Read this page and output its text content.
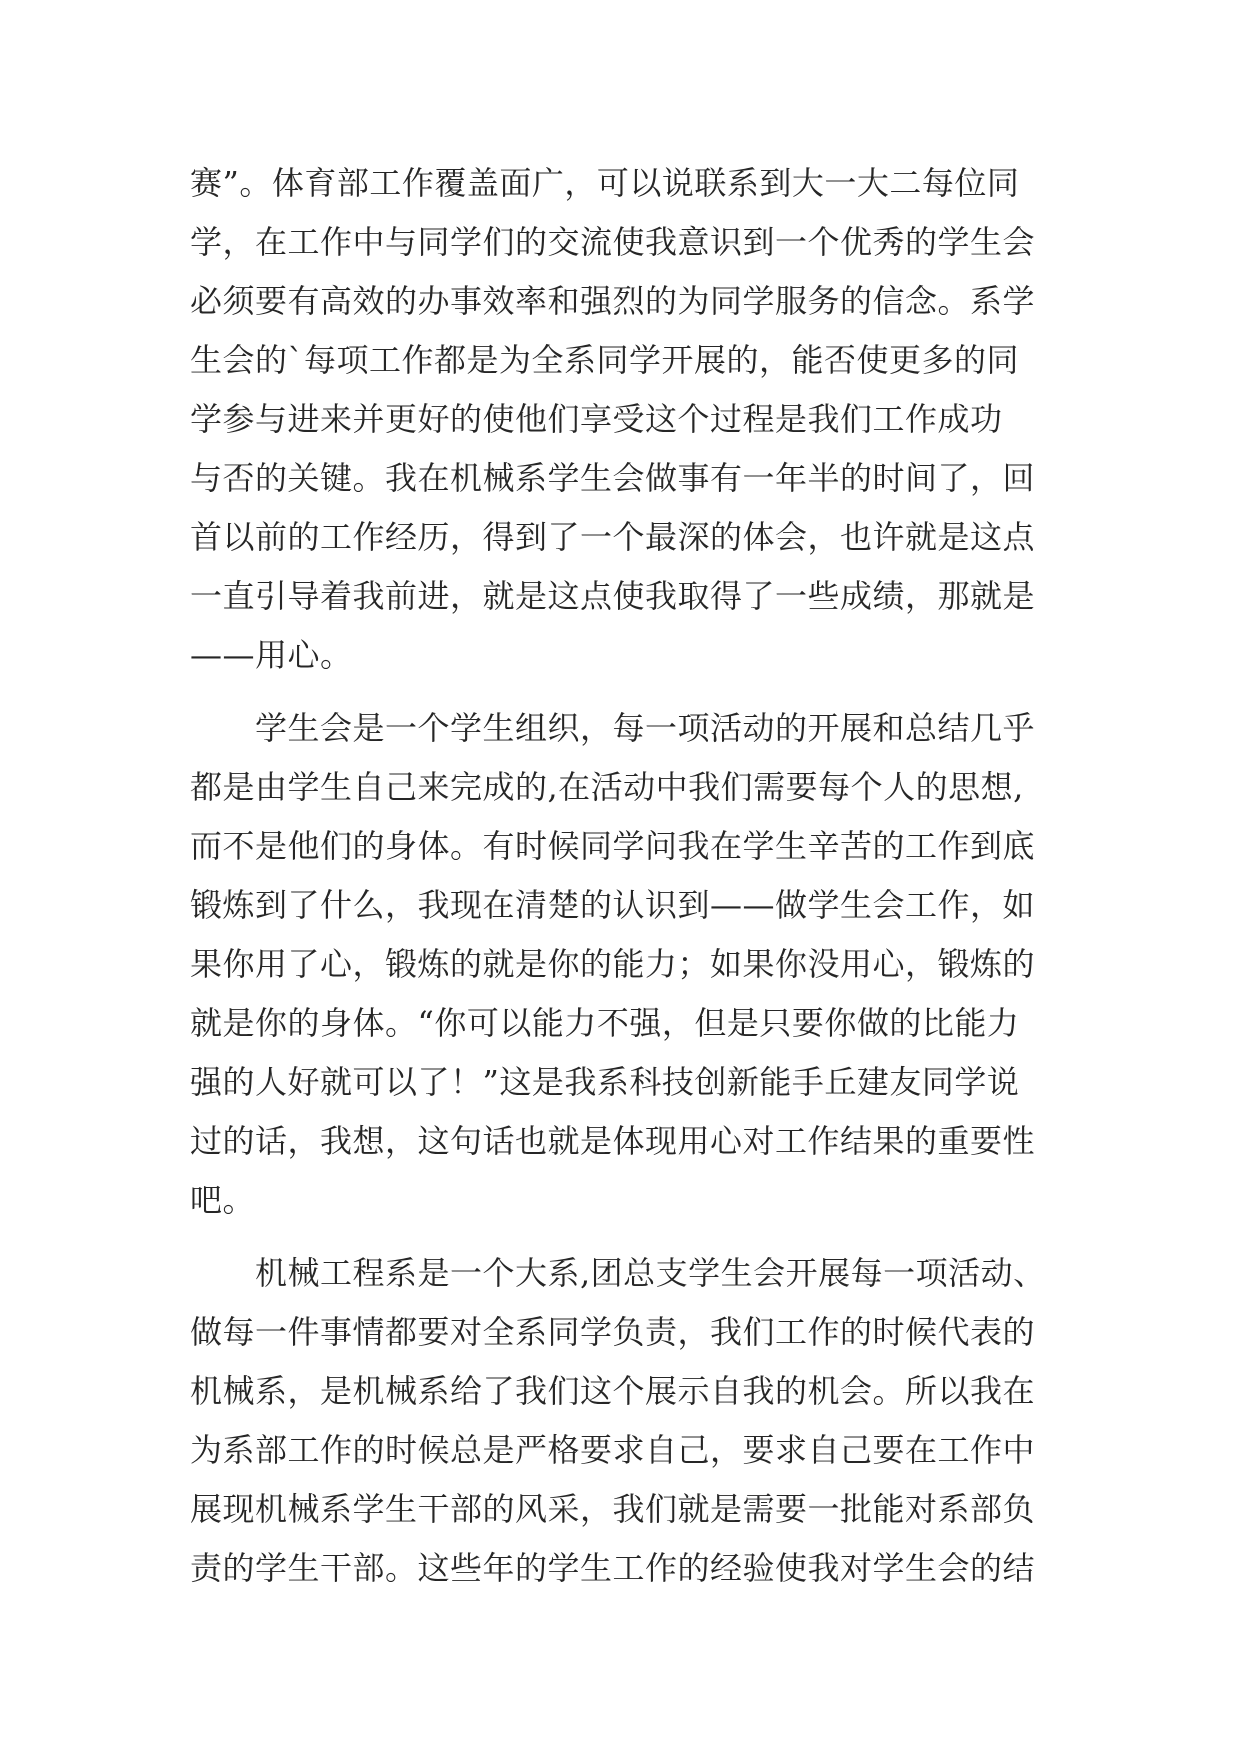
赛”。体育部工作覆盖面广，可以说联系到大一大二每位同
学，在工作中与同学们的交流使我意识到一个优秀的学生会
必须要有高效的办事效率和强烈的为同学服务的信念。系学
生会的`每项工作都是为全系同学开展的，能否使更多的同
学参与进来并更好的使他们享受这个过程是我们工作成功
与否的关键。我在机械系学生会做事有一年半的时间了，回
首以前的工作经历，得到了一个最深的体会，也许就是这点
一直引导着我前进，就是这点使我取得了一些成绩，那就是
——用心。
　　学生会是一个学生组织，每一项活动的开展和总结几乎
都是由学生自己来完成的,在活动中我们需要每个人的思想,
而不是他们的身体。有时候同学问我在学生辛苦的工作到底
锻炼到了什么，我现在清楚的认识到——做学生会工作，如
果你用了心，锻炼的就是你的能力；如果你没用心，锻炼的
就是你的身体。“你可以能力不强，但是只要你做的比能力
强的人好就可以了！”这是我系科技创新能手丘建友同学说
过的话，我想，这句话也就是体现用心对工作结果的重要性
吧。
　　机械工程系是一个大系,团总支学生会开展每一项活动、
做每一件事情都要对全系同学负责，我们工作的时候代表的
机械系，是机械系给了我们这个展示自我的机会。所以我在
为系部工作的时候总是严格要求自己，要求自己要在工作中
展现机械系学生干部的风采，我们就是需要一批能对系部负
责的学生干部。这些年的学生工作的经验使我对学生会的结
